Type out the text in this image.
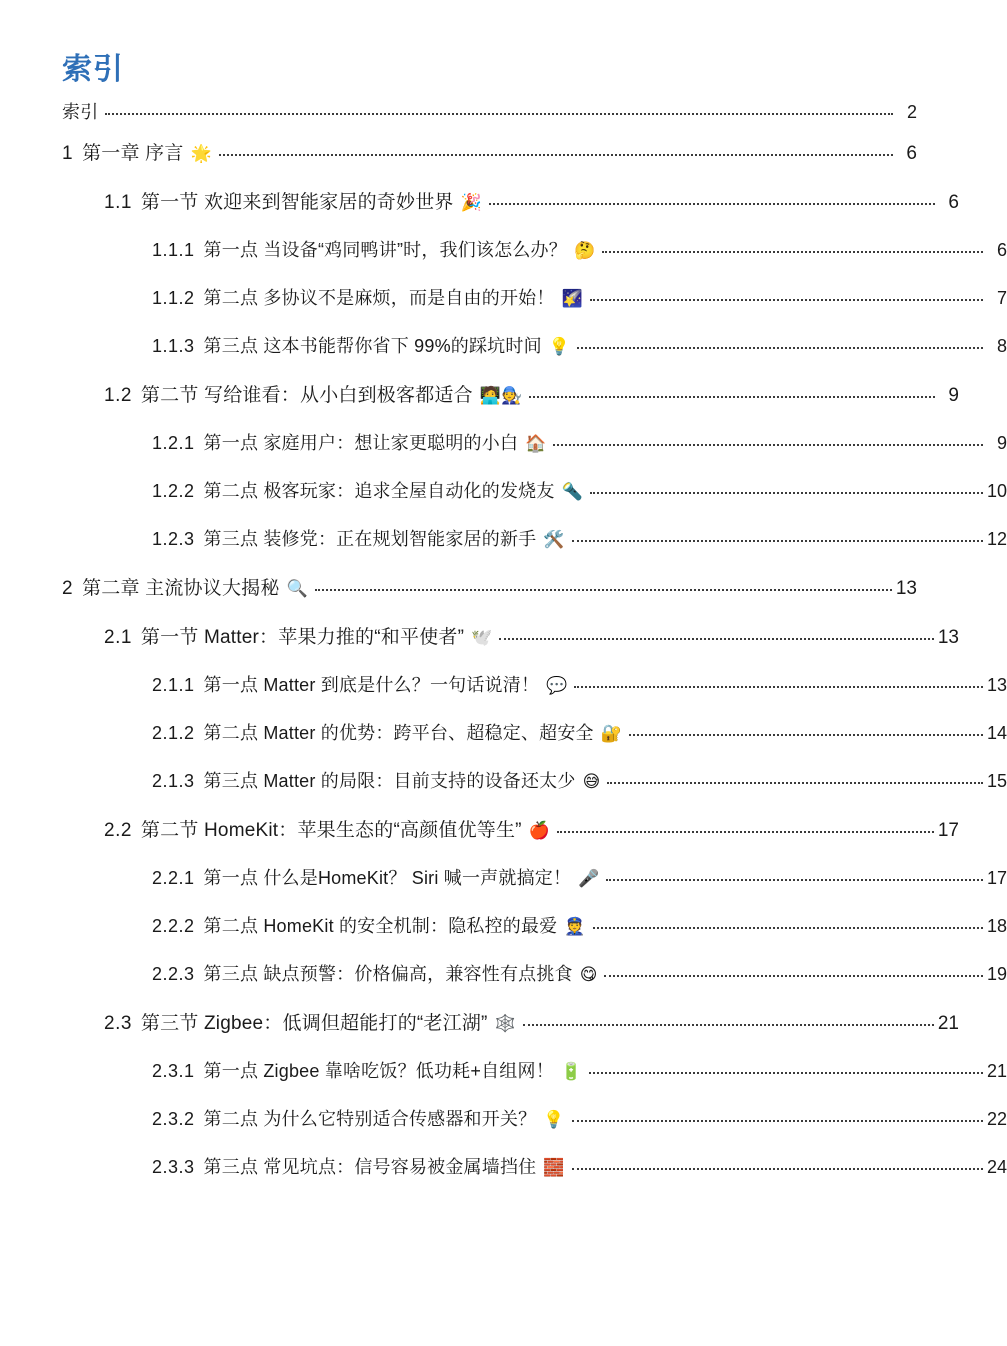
索引
索引	2
1 第一章 序言 🌟	6
1.1 第一节 欢迎来到智能家居的奇妙世界 🎉	6
1.1.1 第一点 当设备“鸡同鸭讲”时，我们该怎么办？ 🤔	6
1.1.2 第二点 多协议不是麻烦，而是自由的开始！ 🌠	7
1.1.3 第三点 这本书能帮你省下 99%的踩坑时间 💡	8
1.2 第二节 写给谁看：从小白到极客都适合 🧑‍💻🧑‍🔧	9
1.2.1 第一点 家庭用户：想让家更聪明的小白 🏠	9
1.2.2 第二点 极客玩家：追求全屋自动化的发烧友 🔦	10
1.2.3 第三点 装修党：正在规划智能家居的新手 🛠️	12
2 第二章 主流协议大揭秘 🔍	13
2.1 第一节 Matter：苹果力推的“和平使者” 🕊️	13
2.1.1 第一点 Matter 到底是什么？一句话说清！ 💬	13
2.1.2 第二点 Matter 的优势：跨平台、超稳定、超安全 🔐	14
2.1.3 第三点 Matter 的局限：目前支持的设备还太少 😅	15
2.2 第二节 HomeKit：苹果生态的“高颜值优等生” 🍎	17
2.2.1 第一点 什么是HomeKit？ Siri 喊一声就搞定！ 🎤	17
2.2.2 第二点 HomeKit 的安全机制：隐私控的最爱 👮	18
2.2.3 第三点 缺点预警：价格偏高，兼容性有点挑食 😋	19
2.3 第三节 Zigbee：低调但超能打的“老江湖” 🕸️	21
2.3.1 第一点 Zigbee 靠啥吃饭？低功耗+自组网！ 🔋	21
2.3.2 第二点 为什么它特别适合传感器和开关？ 💡	22
2.3.3 第三点 常见坑点：信号容易被金属墙挡住 🧱	24
